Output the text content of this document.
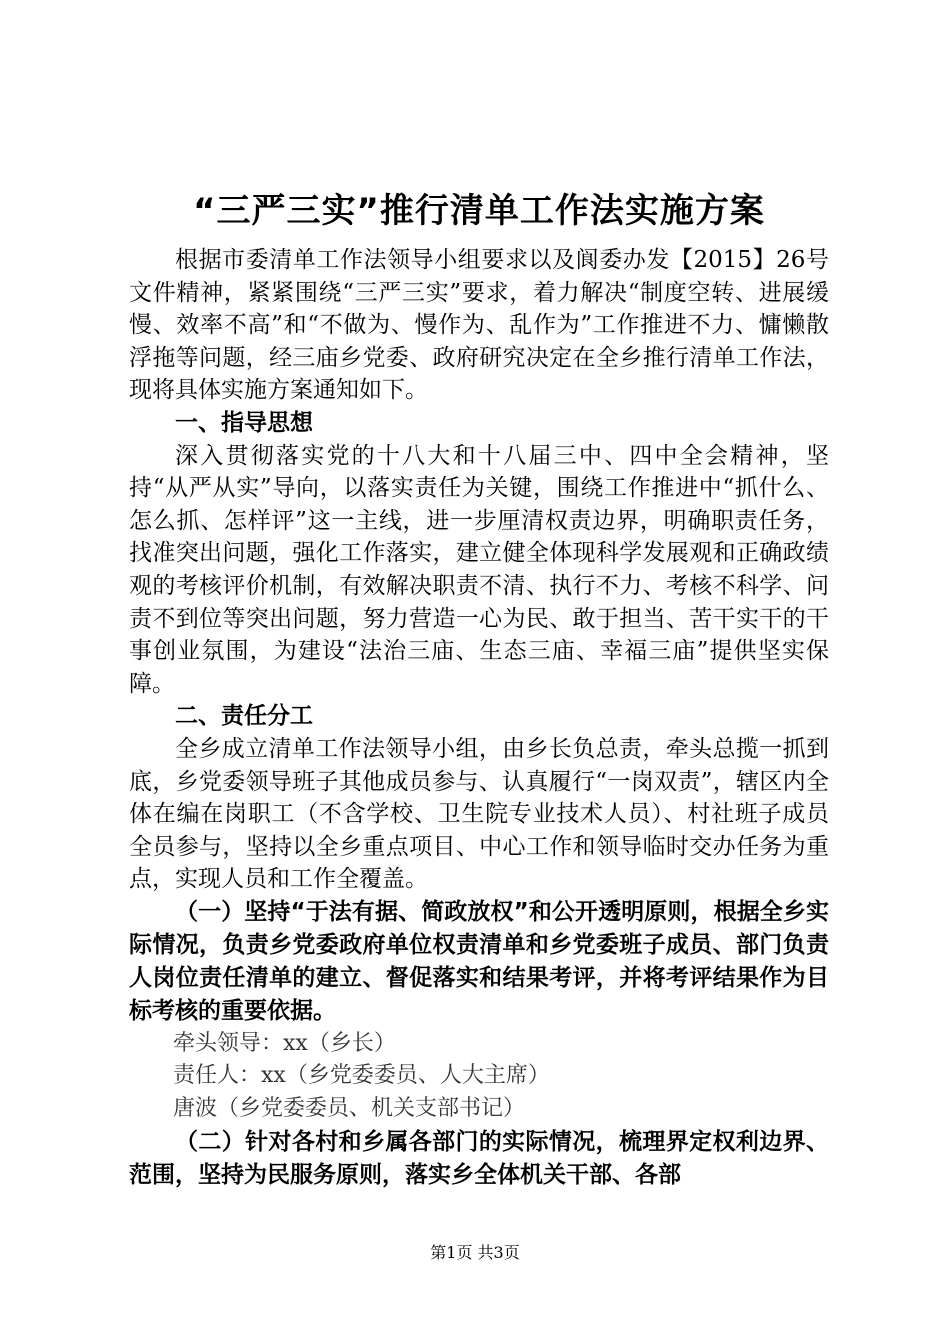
“三严三实”推行清单工作法实施方案

根据市委清单工作法领导小组要求以及阆委办发【2015】26号文件精神，紧紧围绕“三严三实”要求，着力解决“制度空转、进展缓慢、效率不高”和“不做为、慢作为、乱作为”工作推进不力、慵懒散浮拖等问题，经三庙乡党委、政府研究决定在全乡推行清单工作法，现将具体实施方案通知如下。

一、指导思想

深入贯彻落实党的十八大和十八届三中、四中全会精神，坚持“从严从实”导向，以落实责任为关键，围绕工作推进中“抓什么、怎么抓、怎样评”这一主线，进一步厘清权责边界，明确职责任务，找准突出问题，强化工作落实，建立健全体现科学发展观和正确政绩观的考核评价机制，有效解决职责不清、执行不力、考核不科学、问责不到位等突出问题，努力营造一心为民、敢于担当、苦干实干的干事创业氛围，为建设“法治三庙、生态三庙、幸福三庙”提供坚实保障。

二、责任分工

全乡成立清单工作法领导小组，由乡长负总责，牵头总揽一抓到底，乡党委领导班子其他成员参与、认真履行“一岗双责”，辖区内全体在编在岗职工（不含学校、卫生院专业技术人员）、村社班子成员全员参与，坚持以全乡重点项目、中心工作和领导临时交办任务为重点，实现人员和工作全覆盖。

（一）坚持“于法有据、简政放权”和公开透明原则，根据全乡实际情况，负责乡党委政府单位权责清单和乡党委班子成员、部门负责人岗位责任清单的建立、督促落实和结果考评，并将考评结果作为目标考核的重要依据。

牵头领导：xx（乡长）

责任人：xx（乡党委委员、人大主席）

唐波（乡党委委员、机关支部书记）

（二）针对各村和乡属各部门的实际情况，梳理界定权利边界、范围，坚持为民服务原则，落实乡全体机关干部、各部

第1页 共3页
